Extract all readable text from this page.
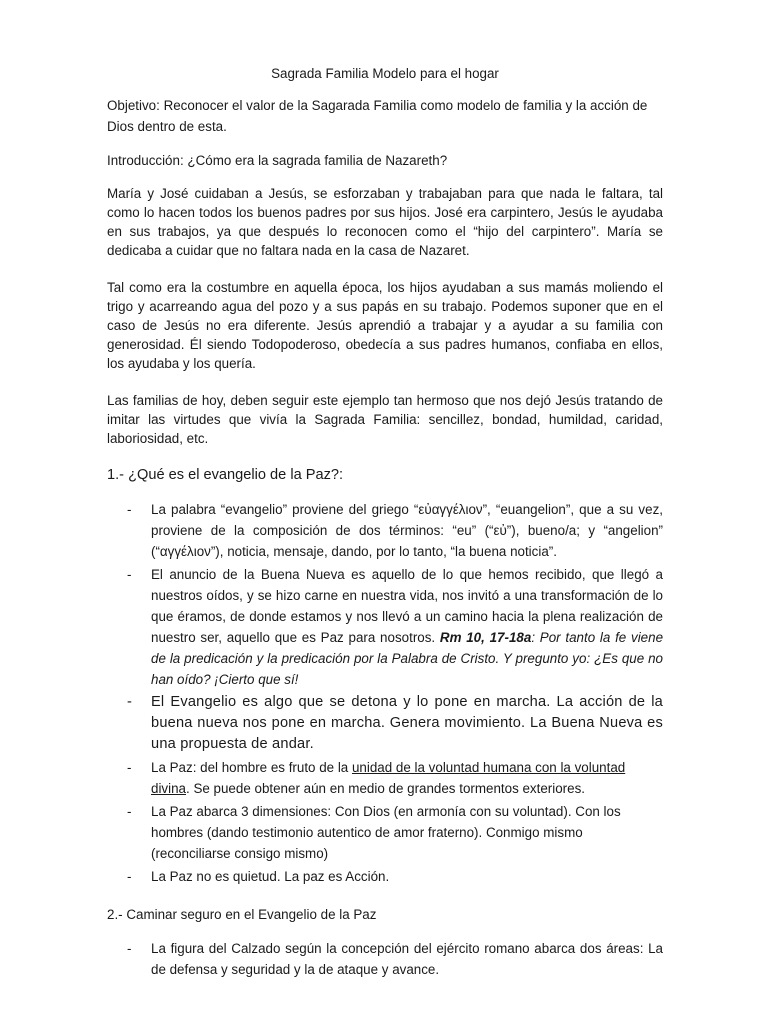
Sagrada Familia Modelo para el hogar

Objetivo: Reconocer el valor de la Sagarada Familia como modelo de familia y la acción de Dios dentro de esta.

Introducción: ¿Cómo era la sagrada familia de Nazareth?

María y José cuidaban a Jesús, se esforzaban y trabajaban para que nada le faltara, tal como lo hacen todos los buenos padres por sus hijos. José era carpintero, Jesús le ayudaba en sus trabajos, ya que después lo reconocen como el “hijo del carpintero”. María se dedicaba a cuidar que no faltara nada en la casa de Nazaret.

Tal como era la costumbre en aquella época, los hijos ayudaban a sus mamás moliendo el trigo y acarreando agua del pozo y a sus papás en su trabajo. Podemos suponer que en el caso de Jesús no era diferente. Jesús aprendió a trabajar y a ayudar a su familia con generosidad. Él siendo Todopoderoso, obedecía a sus padres humanos, confiaba en ellos, los ayudaba y los quería.

Las familias de hoy, deben seguir este ejemplo tan hermoso que nos dejó Jesús tratando de imitar las virtudes que vivía la Sagrada Familia: sencillez, bondad, humildad, caridad, laboriosidad, etc.

1.- ¿Qué es el evangelio de la Paz?:

- La palabra “evangelio” proviene del griego “εὐαγγέλιον”, “euangelion”, que a su vez, proviene de la composición de dos términos: “eu” (“εὐ”), bueno/a; y “angelion” (“αγγέλιον”), noticia, mensaje, dando, por lo tanto, “la buena noticia”.
- El anuncio de la Buena Nueva es aquello de lo que hemos recibido, que llegó a nuestros oídos, y se hizo carne en nuestra vida, nos invitó a una transformación de lo que éramos, de donde estamos y nos llevó a un camino hacia la plena realización de nuestro ser, aquello que es Paz para nosotros. Rm 10, 17-18a: Por tanto la fe viene de la predicación y la predicación por la Palabra de Cristo. Y pregunto yo: ¿Es que no han oído? ¡Cierto que sí!
- El Evangelio es algo que se detona y lo pone en marcha. La acción de la buena nueva nos pone en marcha. Genera movimiento. La Buena Nueva es una propuesta de andar.
- La Paz: del hombre es fruto de la unidad de la voluntad humana con la voluntad divina. Se puede obtener aún en medio de grandes tormentos exteriores.
- La Paz abarca 3 dimensiones: Con Dios (en armonía con su voluntad). Con los hombres (dando testimonio autentico de amor fraterno). Conmigo mismo (reconciliarse consigo mismo)
- La Paz no es quietud. La paz es Acción.

2.- Caminar seguro en el Evangelio de la Paz

- La figura del Calzado según la concepción del ejército romano abarca dos áreas: La de defensa y seguridad y la de ataque y avance.
